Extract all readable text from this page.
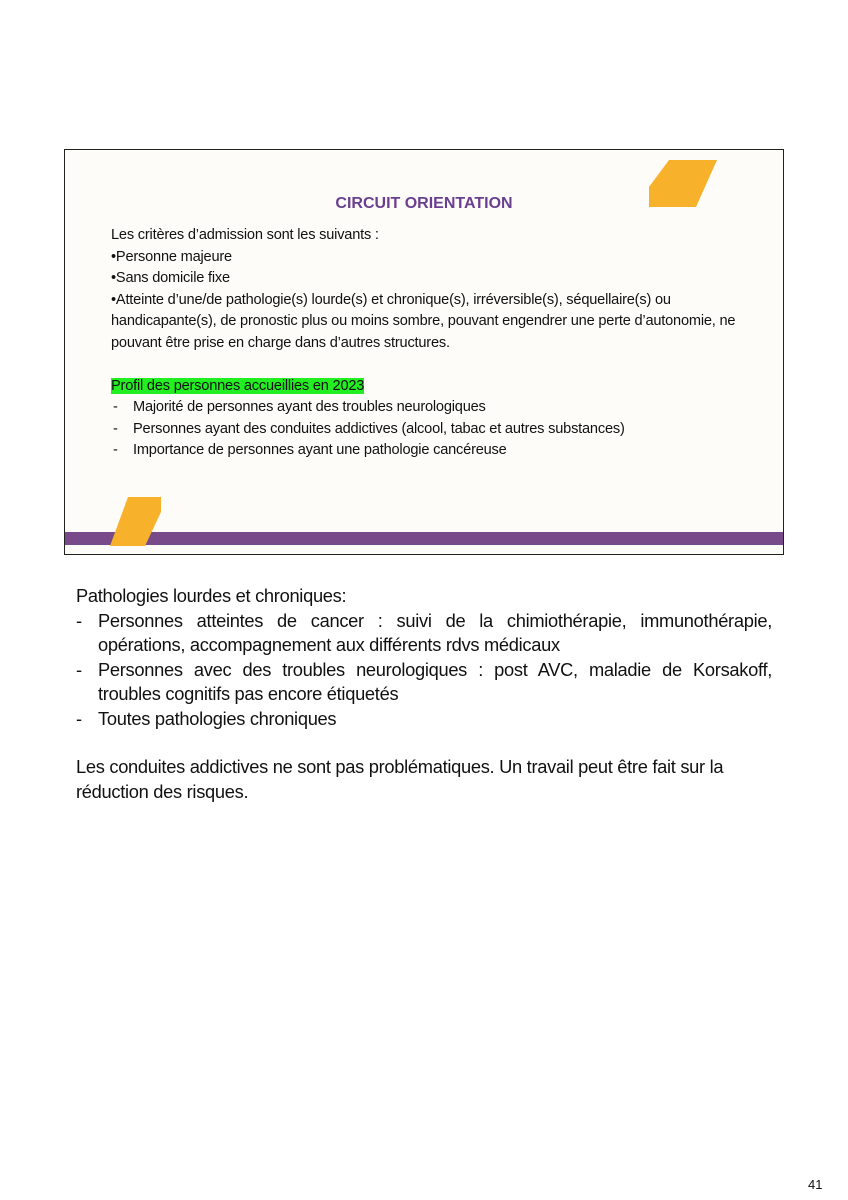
CIRCUIT ORIENTATION

Les critères d’admission sont les suivants :

•Personne majeure

•Sans domicile fixe

•Atteinte d’une/de pathologie(s) lourde(s) et chronique(s), irréversible(s), séquellaire(s) ou handicapante(s), de pronostic plus ou moins sombre, pouvant engendrer une perte d’autonomie, ne pouvant être prise en charge dans d’autres structures.

Profil des personnes accueillies en 2023

- Majorité de personnes ayant des troubles neurologiques
- Personnes ayant des conduites addictives (alcool, tabac et autres substances)
- Importance de personnes ayant une pathologie cancéreuse

Pathologies lourdes et chroniques:

- Personnes atteintes de cancer : suivi de la chimiothérapie, immunothérapie, opérations, accompagnement aux différents rdvs médicaux
- Personnes avec des troubles neurologiques : post AVC, maladie de Korsakoff, troubles cognitifs pas encore étiquetés
- Toutes pathologies chroniques

Les conduites addictives ne sont pas problématiques. Un travail peut être fait sur la réduction des risques.

41
